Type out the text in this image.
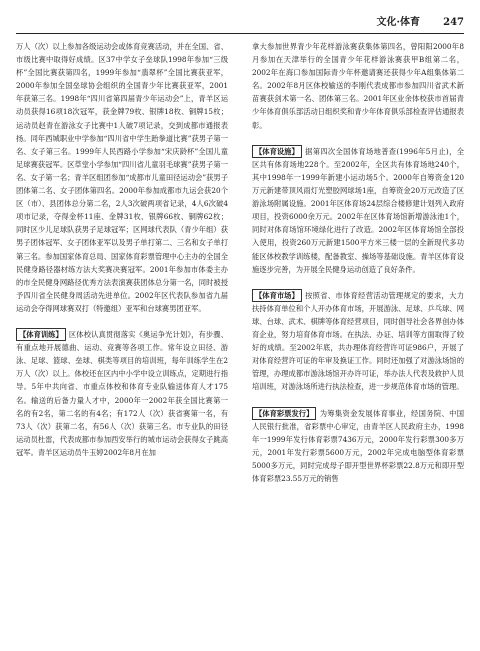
文化·体育 247

万人（次）以上参加各级运动会或体育竞赛活动，并在全国、省、市级比赛中取得好成绩。区37中学女子垒球队1998年参加“三级杯”全国比赛获第四名，1999年参加“翡翠杯”全国比赛获亚军，2000年参加全国垒球协会组织的全国青少年比赛获亚军，2001年获第三名。1998年“四川省第四届青少年运动会”上，青羊区运动员获得16项18次冠军，获金牌79枚、银牌18枚、铜牌15枚；运动员赵青在游泳女子比赛中1人破7项记录，交到成都市通报表扬。同年西城职业中学参加“四川省中学生跆拳道比赛”获男子第一名、女子第三名。1999年人民西路小学参加“宋庆龄杯”全国儿童足球赛获冠军。区草堂小学参加“四川省儿童羽毛球赛”获男子第一名、女子第一名；青羊区组团参加“成都市儿童田径运动会”获男子团体第二名、女子团体第四名。2000年参加成都市九运会获20个区（市）、县团体总分第二名，2人3次破两项省记录，4人6次破4项市记录，夺得金杯11座、金牌31枚、银牌66枚、铜牌62枚；同时区少儿足球队获男子足球冠军；区网球代表队（青少年组）获男子团体冠军、女子团体亚军以及男子单打第二、三名和女子单打第三名。参加国家体育总局、国家体育彩票管理中心主办的全国全民健身路径器材练方法大奖赛决赛冠军。2001年参加市体委主办的市全民健身网路径优秀方法表演赛获团体总分第一名，同时被授予四川省全民健身周活动先进单位。2002年区代表队参加省九届运动会夺得网球赛双打（特邀组）亚军和台球赛男团亚军。

【体育训练】 区体校认真贯彻落实《奥运争光计划》，有步骤、有重点地开展德曲、运动、竞赛等各项工作。常年设立田径、游泳、足球、篮球、垒球、棋类等项目的培训班，每年训练学生在2万人（次）以上。体校还在区内中小学中设立训练点，定期进行指导。5年中共向省、市重点体校和体育专业队输送体育人才175名。输送的后备力量人才中，2000年一2002年获全国比赛第一名的有2名，第二名的有4名；有172人（次）获省赛第一名，有73人（次）获第二名，有56人（次）获第三名。市专业队的田径运动员杜雷，代表成都市参加西安举行的城市运动会获得女子跳高冠军。青羊区运动员牛玉婷2002年8月在加

拿大参加世界青少年花样游泳赛获集体第四名，曾阳阳2000年8月参加在天津举行的全国青少年花样游泳赛获甲B组第二名，2002年在海口参加国际青少年杯邀请赛还获得少年A组集体第二名。2002年8月区体校输送的李刚代表成都市参加四川省武术新苗赛获剑术第一名、团体第三名。2001年区业余体校获市首届青少年体育俱乐部活动日组织奖和青少年体育俱乐部检查评估通报表彰。

【体育设施】 据第四次全国体育场地普查(1996年5月止)，全区共有体育场地228个。至2002年，全区共有体育场地240个，其中1998年一1999年新建小运动场5个。2000年自筹资金120万元新建带顶风雨灯光塑胶网球场1座，自筹资金20万元改造了区游泳场附属设施。2001年区体育场24层综合楼修建计划列入政府项目，投资6000余万元。2002年在区体育场馆新增游泳池1个，同时对体育场馆环境绿化进行了改造。2002年区体育场馆全部投入使用，投资260万元新建1500平方米三楼一层的全新现代多功能区体校教学训练楼，配备教室、操场等基础设施。青羊区体育设施逐步完善，为开展全民健身运动创造了良好条件。

【体育市场】 按照省、市体育经营活动管理规定的要求，大力扶持体育单位和个人开办体育市场，开展游泳、足球、乒乓球、网球、台球、武术、棋牌等体育经营项目，同时倡导社会各界创办体育企业，努力培育体育市场。在执法、办证、培训等方面取得了较好的成绩。至2002年底，共办理体育经营许可证986户，开展了对体育经营许可证的年审及换证工作。同时还加强了对游泳场馆的管理，办理成都市游泳场馆开办许可证，举办法人代表及救护人员培训班，对游泳场所进行执法检查，进一步规范体育市场的管理。

【体育彩票发行】 为筹集资金发展体育事业，经国务院、中国人民银行批准，省彩票中心审定，由青羊区人民政府主办，1998年一1999年发行体育彩票7436万元，2000年发行彩票300多万元，2001年发行彩票5600万元，2002年完成电脑型体育彩票5000多万元，同时完成母子即开型世界杯彩票22.8万元和即开型体育彩票23.55万元的销售
